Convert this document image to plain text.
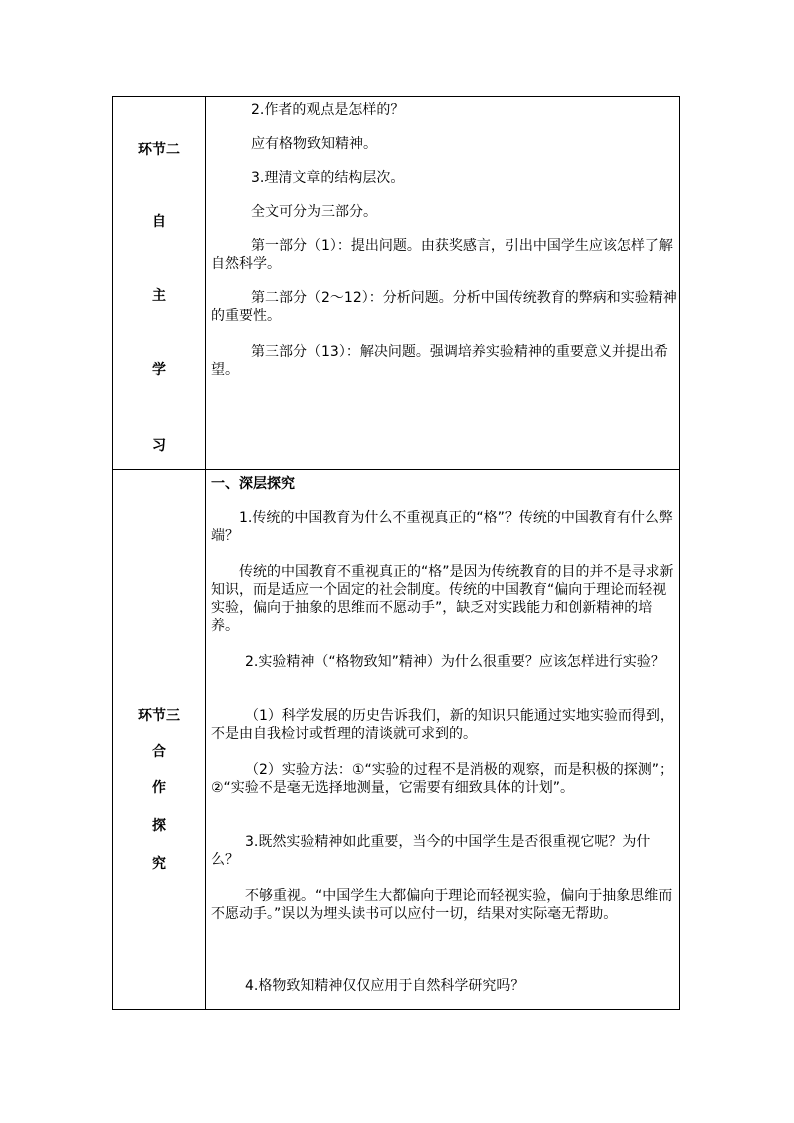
环节二
自
主
学
习
2.作者的观点是怎样的？
应有格物致知精神。
3.理清文章的结构层次。
全文可分为三部分。
第一部分（1）：提出问题。由获奖感言，引出中国学生应该怎样了解自然科学。
第二部分（2～12）：分析问题。分析中国传统教育的弊病和实验精神的重要性。
第三部分（13）：解决问题。强调培养实验精神的重要意义并提出希望。
环节三
合
作
探
究
一、深层探究
1.传统的中国教育为什么不重视真正的“格”？传统的中国教育有什么弊端？
传统的中国教育不重视真正的“格”是因为传统教育的目的并不是寻求新知识，而是适应一个固定的社会制度。传统的中国教育“偏向于理论而轻视实验，偏向于抽象的思维而不愿动手”，缺乏对实践能力和创新精神的培养。
2.实验精神（“格物致知”精神）为什么很重要？应该怎样进行实验？
（1）科学发展的历史告诉我们，新的知识只能通过实地实验而得到，不是由自我检讨或哲理的清谈就可求到的。
（2）实验方法：①“实验的过程不是消极的观察，而是积极的探测”；②“实验不是毫无选择地测量，它需要有细致具体的计划”。
3.既然实验精神如此重要，当今的中国学生是否很重视它呢？为什么？
不够重视。“中国学生大都偏向于理论而轻视实验，偏向于抽象思维而不愿动手。”误以为埋头读书可以应付一切，结果对实际毫无帮助。
4.格物致知精神仅仅应用于自然科学研究吗？
